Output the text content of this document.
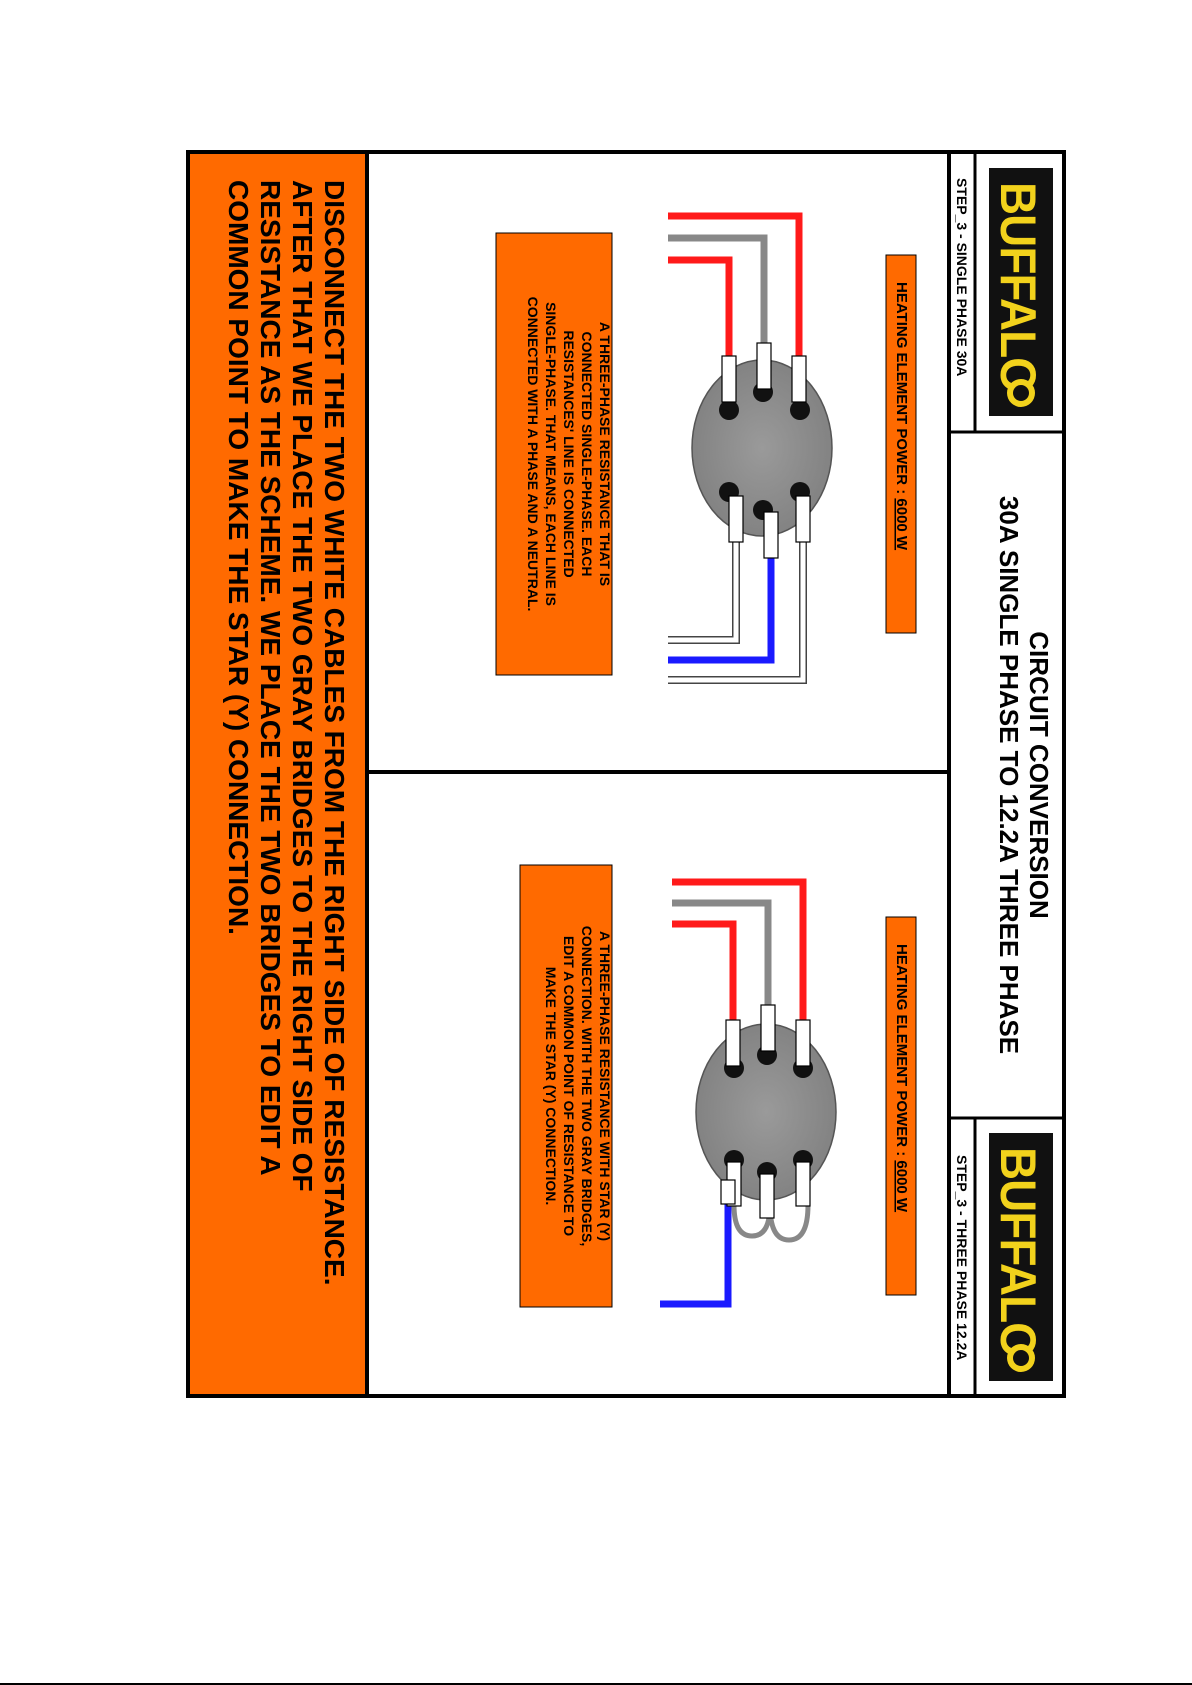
BUFFALO
BUFFALO
STEP_3 - SINGLE PHASE 30A
STEP_3 - THREE PHASE 12.2A
CIRCUIT CONVERSION
30A SINGLE PHASE TO 12.2A THREE PHASE
HEATING ELEMENT POWER : 6000 W
A THREE-PHASE RESISTANCE THAT IS
CONNECTED SINGLE-PHASE. EACH
RESISTANCES' LINE IS CONNECTED
SINGLE-PHASE. THAT MEANS, EACH LINE IS
CONNECTED WITH A PHASE AND A NEUTRAL.
HEATING ELEMENT POWER : 6000 W
A THREE-PHASE RESISTANCE WITH STAR (Y)
CONNECTION. WITH THE TWO GRAY BRIDGES,
EDIT A COMMON POINT OF RESISTANCE TO
MAKE THE STAR (Y) CONNECTION.
DISCONNECT THE TWO WHITE CABLES FROM THE RIGHT SIDE OF RESISTANCE.
AFTER THAT WE PLACE THE TWO GRAY BRIDGES TO THE RIGHT SIDE OF
RESISTANCE AS THE SCHEME. WE PLACE THE TWO BRIDGES TO EDIT A
COMMON POINT TO MAKE THE STAR (Y) CONNECTION.
